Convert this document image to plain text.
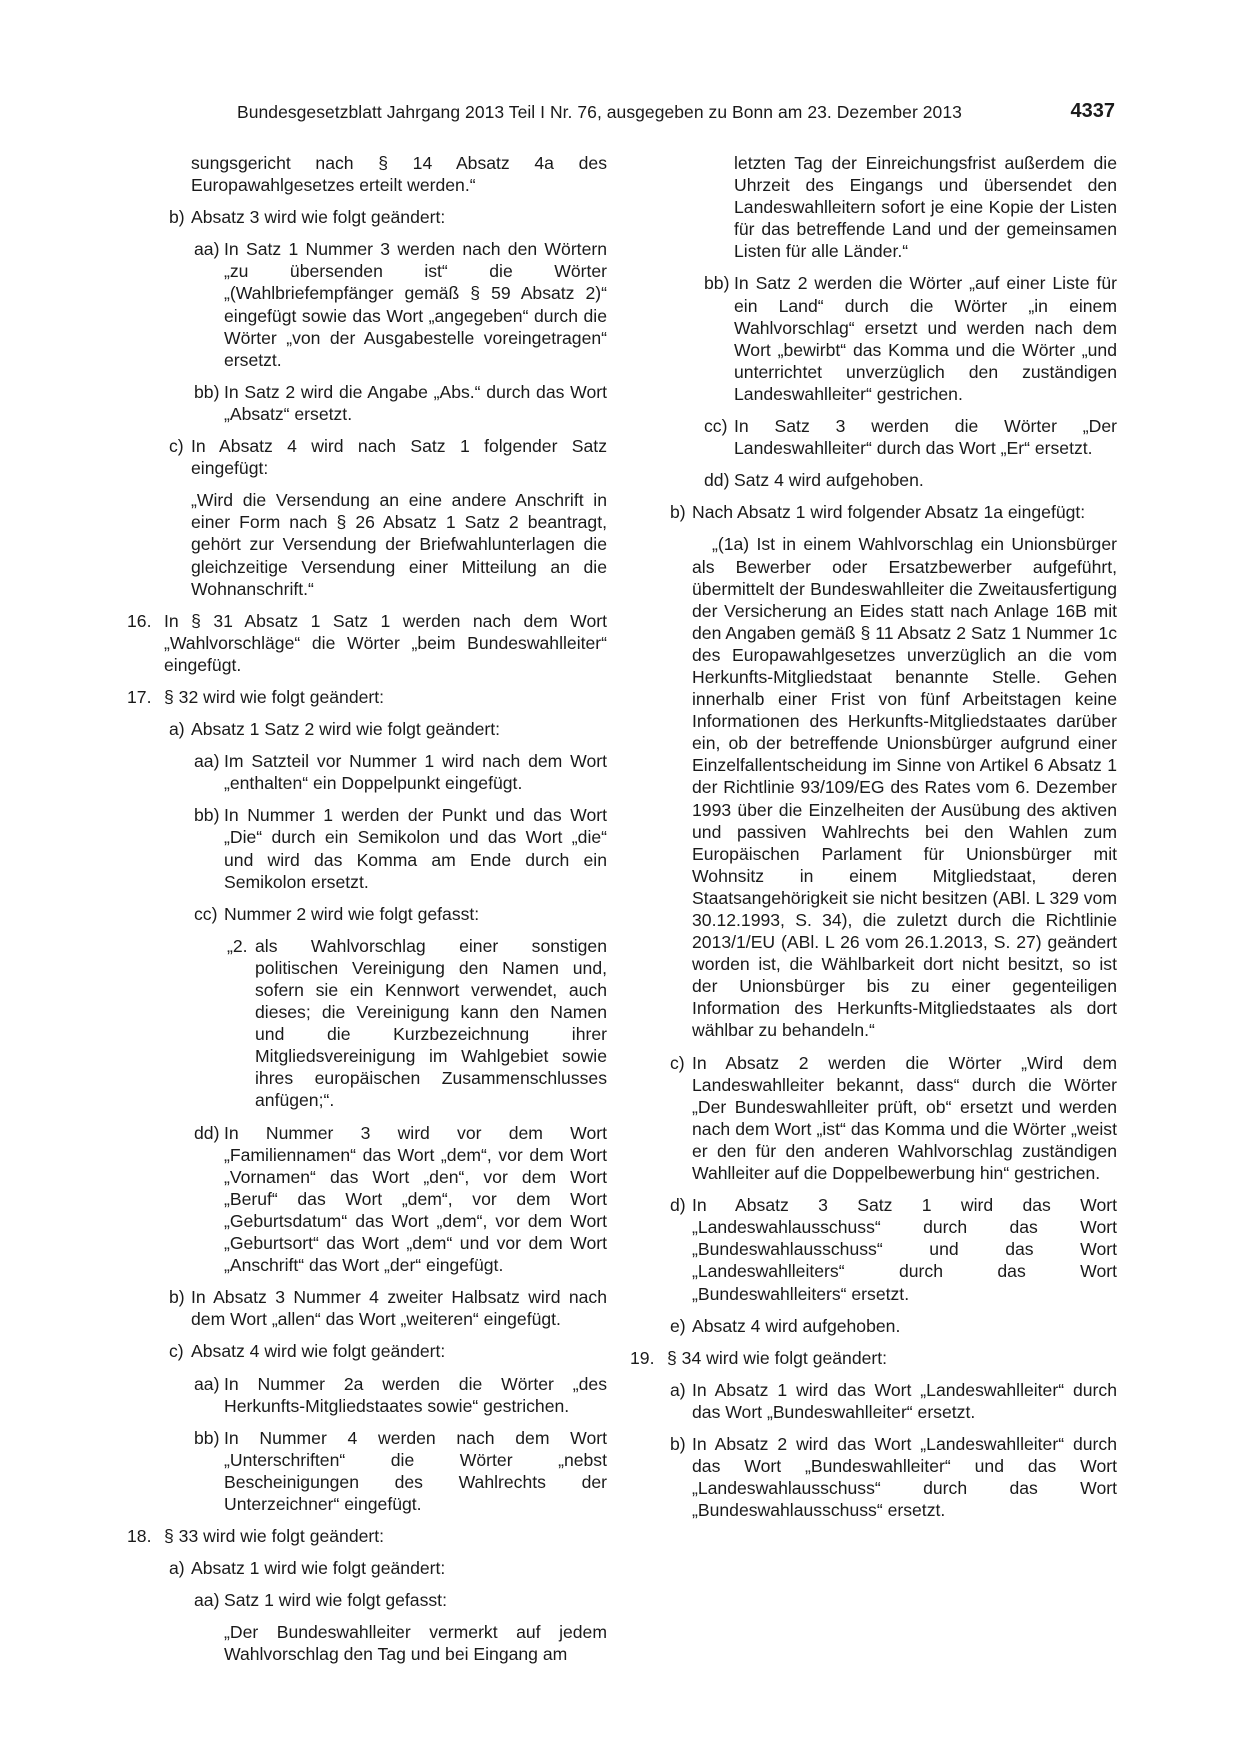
Bundesgesetzblatt Jahrgang 2013 Teil I Nr. 76, ausgegeben zu Bonn am 23. Dezember 2013	4337

sungsgericht nach § 14 Absatz 4a des Europawahlgesetzes erteilt werden.“

b) Absatz 3 wird wie folgt geändert:

aa) In Satz 1 Nummer 3 werden nach den Wörtern „zu übersenden ist“ die Wörter „(Wahlbriefempfänger gemäß § 59 Absatz 2)“ eingefügt sowie das Wort „angegeben“ durch die Wörter „von der Ausgabestelle voreingetragen“ ersetzt.

bb) In Satz 2 wird die Angabe „Abs.“ durch das Wort „Absatz“ ersetzt.

c) In Absatz 4 wird nach Satz 1 folgender Satz eingefügt:

„Wird die Versendung an eine andere Anschrift in einer Form nach § 26 Absatz 1 Satz 2 beantragt, gehört zur Versendung der Briefwahlunterlagen die gleichzeitige Versendung einer Mitteilung an die Wohnanschrift.“

16. In § 31 Absatz 1 Satz 1 werden nach dem Wort „Wahlvorschläge“ die Wörter „beim Bundeswahlleiter“ eingefügt.

17. § 32 wird wie folgt geändert:

a) Absatz 1 Satz 2 wird wie folgt geändert:

aa) Im Satzteil vor Nummer 1 wird nach dem Wort „enthalten“ ein Doppelpunkt eingefügt.

bb) In Nummer 1 werden der Punkt und das Wort „Die“ durch ein Semikolon und das Wort „die“ und wird das Komma am Ende durch ein Semikolon ersetzt.

cc) Nummer 2 wird wie folgt gefasst:

„2. als Wahlvorschlag einer sonstigen politischen Vereinigung den Namen und, sofern sie ein Kennwort verwendet, auch dieses; die Vereinigung kann den Namen und die Kurzbezeichnung ihrer Mitgliedsvereinigung im Wahlgebiet sowie ihres europäischen Zusammenschlusses anfügen;“.

dd) In Nummer 3 wird vor dem Wort „Familiennamen“ das Wort „dem“, vor dem Wort „Vornamen“ das Wort „den“, vor dem Wort „Beruf“ das Wort „dem“, vor dem Wort „Geburtsdatum“ das Wort „dem“, vor dem Wort „Geburtsort“ das Wort „dem“ und vor dem Wort „Anschrift“ das Wort „der“ eingefügt.

b) In Absatz 3 Nummer 4 zweiter Halbsatz wird nach dem Wort „allen“ das Wort „weiteren“ eingefügt.

c) Absatz 4 wird wie folgt geändert:

aa) In Nummer 2a werden die Wörter „des Herkunfts-Mitgliedstaates sowie“ gestrichen.

bb) In Nummer 4 werden nach dem Wort „Unterschriften“ die Wörter „nebst Bescheinigungen des Wahlrechts der Unterzeichner“ eingefügt.

18. § 33 wird wie folgt geändert:

a) Absatz 1 wird wie folgt geändert:

aa) Satz 1 wird wie folgt gefasst:

„Der Bundeswahlleiter vermerkt auf jedem Wahlvorschlag den Tag und bei Eingang am

letzten Tag der Einreichungsfrist außerdem die Uhrzeit des Eingangs und übersendet den Landeswahlleitern sofort je eine Kopie der Listen für das betreffende Land und der gemeinsamen Listen für alle Länder.“

bb) In Satz 2 werden die Wörter „auf einer Liste für ein Land“ durch die Wörter „in einem Wahlvorschlag“ ersetzt und werden nach dem Wort „bewirbt“ das Komma und die Wörter „und unterrichtet unverzüglich den zuständigen Landeswahlleiter“ gestrichen.

cc) In Satz 3 werden die Wörter „Der Landeswahlleiter“ durch das Wort „Er“ ersetzt.

dd) Satz 4 wird aufgehoben.

b) Nach Absatz 1 wird folgender Absatz 1a eingefügt:

„(1a) Ist in einem Wahlvorschlag ein Unionsbürger als Bewerber oder Ersatzbewerber aufgeführt, übermittelt der Bundeswahlleiter die Zweitausfertigung der Versicherung an Eides statt nach Anlage 16B mit den Angaben gemäß § 11 Absatz 2 Satz 1 Nummer 1c des Europawahlgesetzes unverzüglich an die vom Herkunfts-Mitgliedstaat benannte Stelle. Gehen innerhalb einer Frist von fünf Arbeitstagen keine Informationen des Herkunfts-Mitgliedstaates darüber ein, ob der betreffende Unionsbürger aufgrund einer Einzelfallentscheidung im Sinne von Artikel 6 Absatz 1 der Richtlinie 93/109/EG des Rates vom 6. Dezember 1993 über die Einzelheiten der Ausübung des aktiven und passiven Wahlrechts bei den Wahlen zum Europäischen Parlament für Unionsbürger mit Wohnsitz in einem Mitgliedstaat, deren Staatsangehörigkeit sie nicht besitzen (ABl. L 329 vom 30.12.1993, S. 34), die zuletzt durch die Richtlinie 2013/1/EU (ABl. L 26 vom 26.1.2013, S. 27) geändert worden ist, die Wählbarkeit dort nicht besitzt, so ist der Unionsbürger bis zu einer gegenteiligen Information des Herkunfts-Mitgliedstaates als dort wählbar zu behandeln.“

c) In Absatz 2 werden die Wörter „Wird dem Landeswahlleiter bekannt, dass“ durch die Wörter „Der Bundeswahlleiter prüft, ob“ ersetzt und werden nach dem Wort „ist“ das Komma und die Wörter „weist er den für den anderen Wahlvorschlag zuständigen Wahlleiter auf die Doppelbewerbung hin“ gestrichen.

d) In Absatz 3 Satz 1 wird das Wort „Landeswahlausschuss“ durch das Wort „Bundeswahlausschuss“ und das Wort „Landeswahlleiters“ durch das Wort „Bundeswahlleiters“ ersetzt.

e) Absatz 4 wird aufgehoben.

19. § 34 wird wie folgt geändert:

a) In Absatz 1 wird das Wort „Landeswahlleiter“ durch das Wort „Bundeswahlleiter“ ersetzt.

b) In Absatz 2 wird das Wort „Landeswahlleiter“ durch das Wort „Bundeswahlleiter“ und das Wort „Landeswahlausschuss“ durch das Wort „Bundeswahlausschuss“ ersetzt.
